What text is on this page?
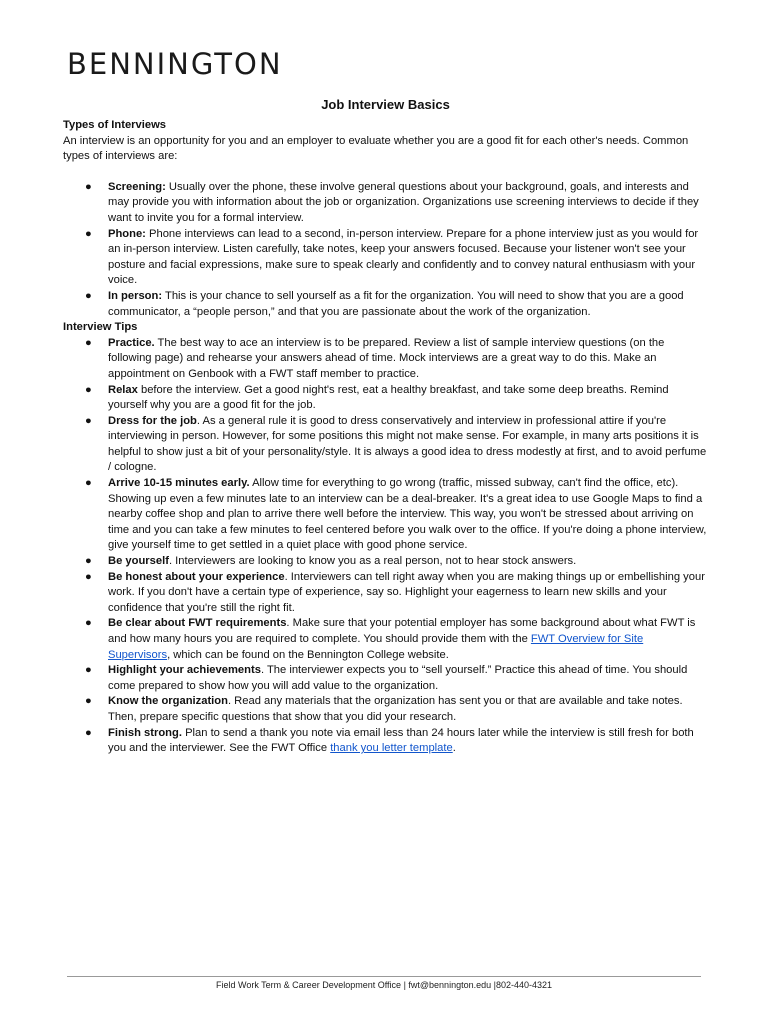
BENNINGTON
Job Interview Basics

Types of Interviews

An interview is an opportunity for you and an employer to evaluate whether you are a good fit for each other's needs. Common types of interviews are:

● Screening: Usually over the phone, these involve general questions about your background, goals, and interests and may provide you with information about the job or organization. Organizations use screening interviews to decide if they want to invite you for a formal interview.
● Phone: Phone interviews can lead to a second, in-person interview. Prepare for a phone interview just as you would for an in-person interview. Listen carefully, take notes, keep your answers focused. Because your listener won't see your posture and facial expressions, make sure to speak clearly and confidently and to convey natural enthusiasm with your voice.
● In person: This is your chance to sell yourself as a fit for the organization. You will need to show that you are a good communicator, a “people person,” and that you are passionate about the work of the organization.

Interview Tips

● Practice. The best way to ace an interview is to be prepared. Review a list of sample interview questions (on the following page) and rehearse your answers ahead of time. Mock interviews are a great way to do this. Make an appointment on Genbook with a FWT staff member to practice.
● Relax before the interview. Get a good night's rest, eat a healthy breakfast, and take some deep breaths. Remind yourself why you are a good fit for the job.
● Dress for the job. As a general rule it is good to dress conservatively and interview in professional attire if you're interviewing in person. However, for some positions this might not make sense. For example, in many arts positions it is helpful to show just a bit of your personality/style. It is always a good idea to dress modestly at first, and to avoid perfume / cologne.
● Arrive 10-15 minutes early. Allow time for everything to go wrong (traffic, missed subway, can't find the office, etc). Showing up even a few minutes late to an interview can be a deal-breaker. It's a great idea to use Google Maps to find a nearby coffee shop and plan to arrive there well before the interview. This way, you won't be stressed about arriving on time and you can take a few minutes to feel centered before you walk over to the office. If you're doing a phone interview, give yourself time to get settled in a quiet place with good phone service.
● Be yourself. Interviewers are looking to know you as a real person, not to hear stock answers.
● Be honest about your experience. Interviewers can tell right away when you are making things up or embellishing your work. If you don't have a certain type of experience, say so. Highlight your eagerness to learn new skills and your confidence that you're still the right fit.
● Be clear about FWT requirements. Make sure that your potential employer has some background about what FWT is and how many hours you are required to complete. You should provide them with the FWT Overview for Site Supervisors, which can be found on the Bennington College website.
● Highlight your achievements. The interviewer expects you to “sell yourself.” Practice this ahead of time. You should come prepared to show how you will add value to the organization.
● Know the organization. Read any materials that the organization has sent you or that are available and take notes. Then, prepare specific questions that show that you did your research.
● Finish strong. Plan to send a thank you note via email less than 24 hours later while the interview is still fresh for both you and the interviewer. See the FWT Office thank you letter template.
Field Work Term & Career Development Office | fwt@bennington.edu |802-440-4321
